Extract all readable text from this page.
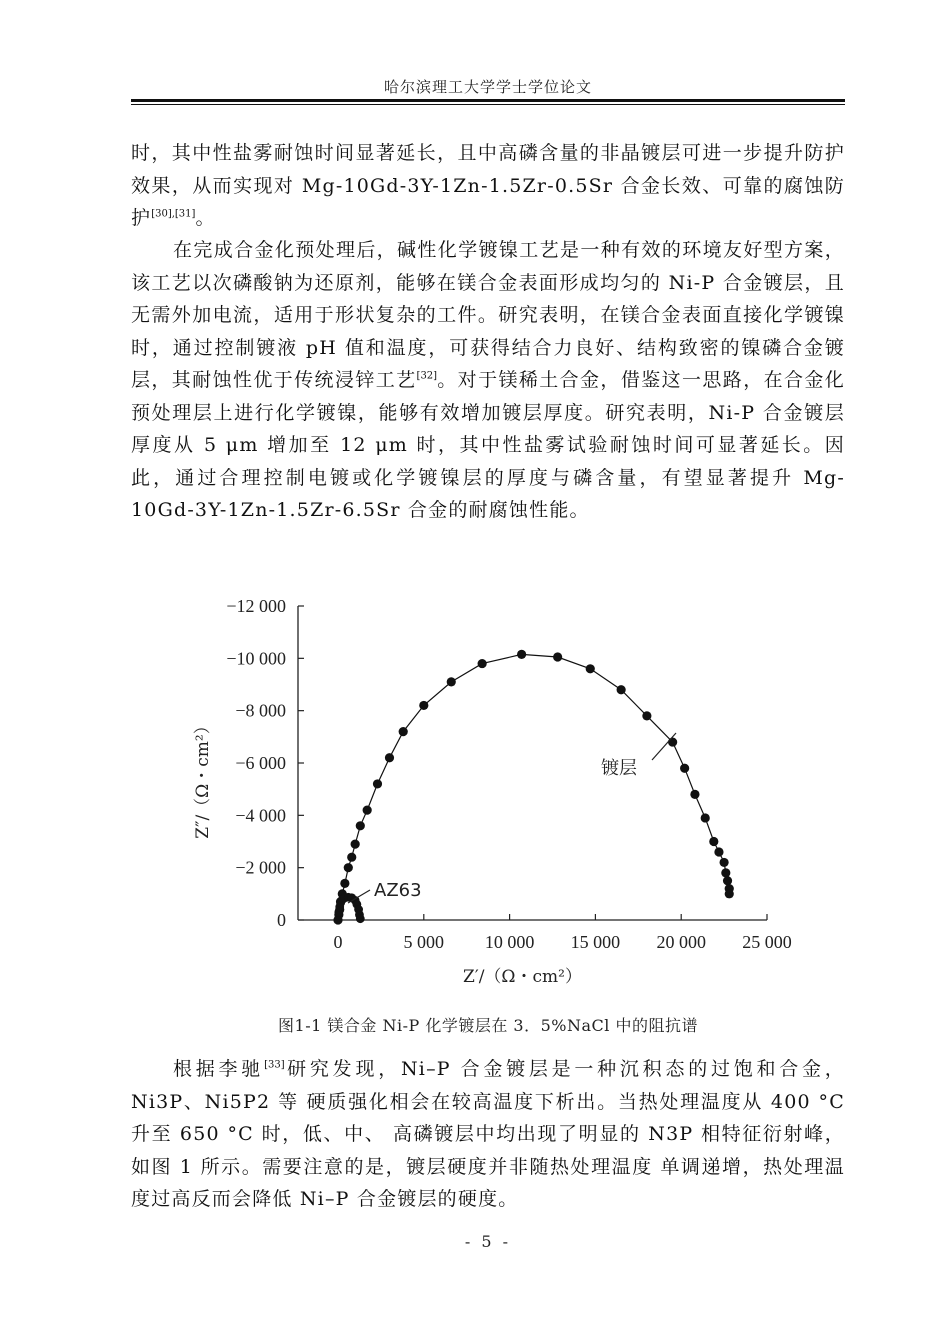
哈尔滨理工大学学士学位论文

时，其中性盐雾耐蚀时间显著延长，且中高磷含量的非晶镀层可进一步提升防护效果，从而实现对 Mg-10Gd-3Y-1Zn-1.5Zr-0.5Sr 合金长效、可靠的腐蚀防护[30],[31]。

在完成合金化预处理后，碱性化学镀镍工艺是一种有效的环境友好型方案，该工艺以次磷酸钠为还原剂，能够在镁合金表面形成均匀的 Ni-P 合金镀层，且无需外加电流，适用于形状复杂的工件。研究表明，在镁合金表面直接化学镀镍时，通过控制镀液 pH 值和温度，可获得结合力良好、结构致密的镍磷合金镀层，其耐蚀性优于传统浸锌工艺[32]。对于镁稀土合金，借鉴这一思路，在合金化预处理层上进行化学镀镍，能够有效增加镀层厚度。研究表明，Ni-P 合金镀层厚度从 5 μm 增加至 12 μm 时，其中性盐雾试验耐蚀时间可显著延长。因此，通过合理控制电镀或化学镀镍层的厚度与磷含量，有望显著提升 Mg-10Gd-3Y-1Zn-1.5Zr-6.5Sr 合金的耐腐蚀性能。

0	5 000 10 000 15 000 20 000 25 000
0
−2 000
−4 000
−6 000
−8 000
−10 000
−12 000
Z′/（Ω・cm²）
Z″/（Ω・cm²）	镀层
AZ63
图1-1 镁合金 Ni-P 化学镀层在 3．5%NaCl 中的阻抗谱

根据李驰[33]研究发现，Ni–P 合金镀层是一种沉积态的过饱和合金，Ni3P、Ni5P2 等 硬质强化相会在较高温度下析出。当热处理温度从 400 °C 升至 650 °C 时，低、中、 高磷镀层中均出现了明显的 N3P 相特征衍射峰，如图 1 所示。需要注意的是，镀层硬度并非随热处理温度 单调递增，热处理温度过高反而会降低 Ni–P 合金镀层的硬度。

- 5 -
